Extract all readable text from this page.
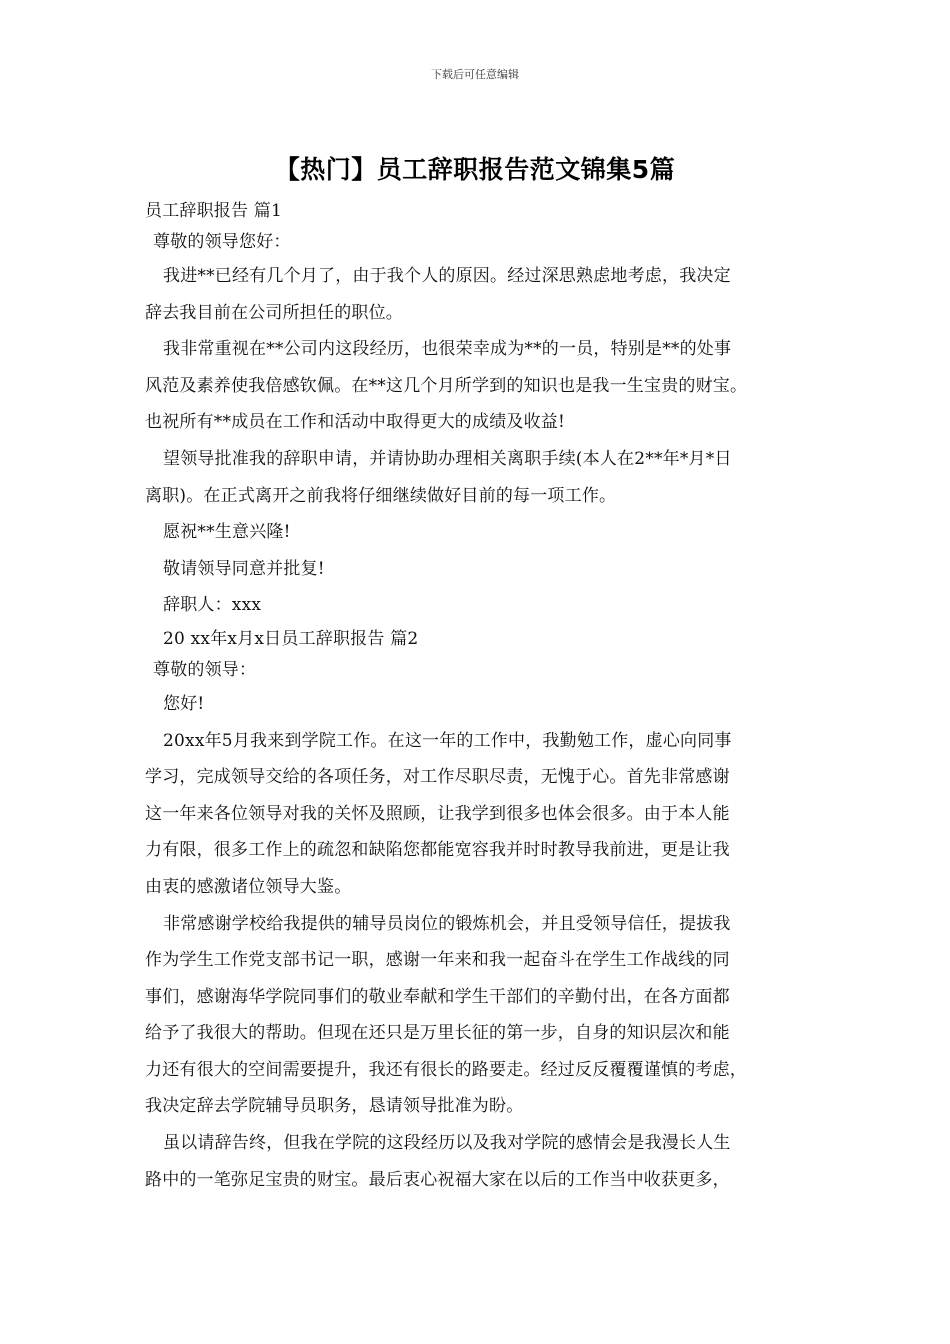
下载后可任意编辑
【热门】员工辞职报告范文锦集5篇
员工辞职报告 篇1
尊敬的领导您好：
我进**已经有几个月了，由于我个人的原因。经过深思熟虑地考虑，我决定
辞去我目前在公司所担任的职位。
我非常重视在**公司内这段经历，也很荣幸成为**的一员，特别是**的处事
风范及素养使我倍感钦佩。在**这几个月所学到的知识也是我一生宝贵的财宝。
也祝所有**成员在工作和活动中取得更大的成绩及收益!
望领导批准我的辞职申请，并请协助办理相关离职手续(本人在2**年*月*日
离职)。在正式离开之前我将仔细继续做好目前的每一项工作。
愿祝**生意兴隆!
敬请领导同意并批复!
辞职人：xxx
20 xx年x月x日员工辞职报告 篇2
尊敬的领导：
您好!
20xx年5月我来到学院工作。在这一年的工作中，我勤勉工作，虚心向同事
学习，完成领导交给的各项任务，对工作尽职尽责，无愧于心。首先非常感谢
这一年来各位领导对我的关怀及照顾，让我学到很多也体会很多。由于本人能
力有限，很多工作上的疏忽和缺陷您都能宽容我并时时教导我前进，更是让我
由衷的感激诸位领导大鉴。
非常感谢学校给我提供的辅导员岗位的锻炼机会，并且受领导信任，提拔我
作为学生工作党支部书记一职，感谢一年来和我一起奋斗在学生工作战线的同
事们，感谢海华学院同事们的敬业奉献和学生干部们的辛勤付出，在各方面都
给予了我很大的帮助。但现在还只是万里长征的第一步，自身的知识层次和能
力还有很大的空间需要提升，我还有很长的路要走。经过反反覆覆谨慎的考虑，
我决定辞去学院辅导员职务，恳请领导批准为盼。
虽以请辞告终，但我在学院的这段经历以及我对学院的感情会是我漫长人生
路中的一笔弥足宝贵的财宝。最后衷心祝福大家在以后的工作当中收获更多，
